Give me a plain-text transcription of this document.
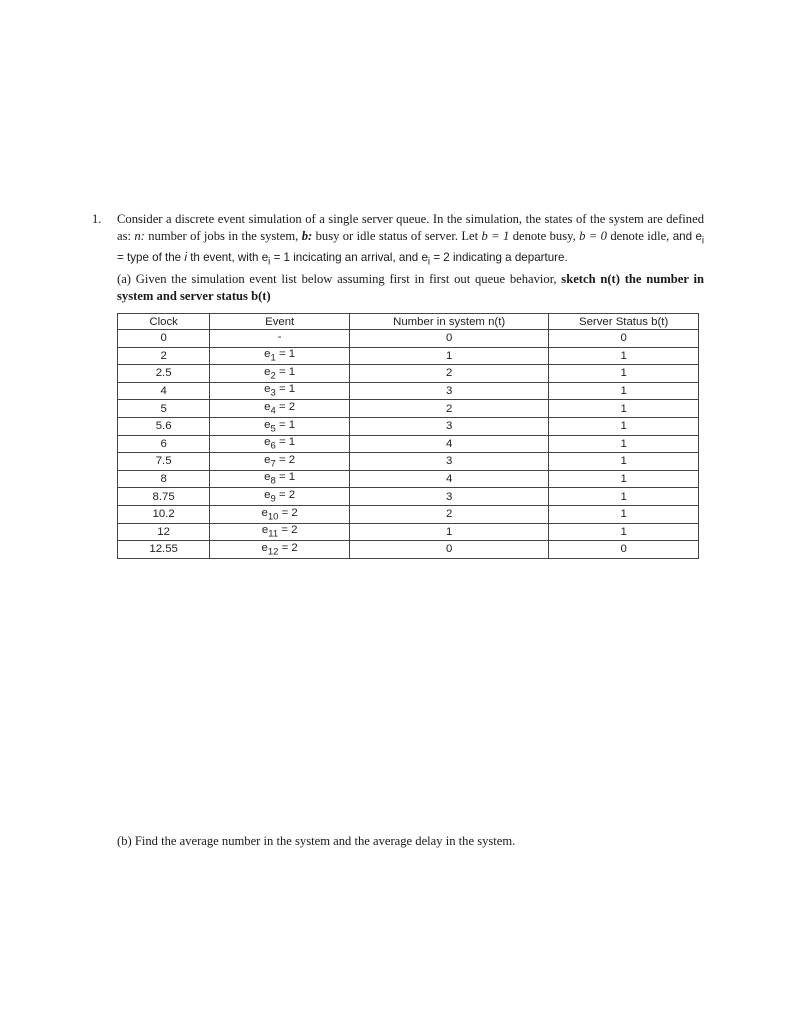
1. Consider a discrete event simulation of a single server queue. In the simulation, the states of the system are defined as: n: number of jobs in the system, b: busy or idle status of server. Let b = 1 denote busy, b = 0 denote idle, and $e_i$ = type of the i th event, with $e_i = 1$ incicating an arrival, and $e_i = 2$ indicating a departure.

(a) Given the simulation event list below assuming first in first out queue behavior, sketch n(t) the number in system and server status b(t)

Clock	Event	Number in system n(t)	Server Status b(t)
0	-	0	0
2	$e_1 = 1$	1	1
2.5	$e_2 = 1$	2	1
4	$e_3 = 1$	3	1
5	$e_4 = 2$	2	1
5.6	$e_5 = 1$	3	1
6	$e_6 = 1$	4	1
7.5	$e_7 = 2$	3	1
8	$e_8 = 1$	4	1
8.75	$e_9 = 2$	3	1
10.2	$e_{10} = 2$	2	1
12	$e_{11} = 2$	1	1
12.55	$e_{12} = 2$	0	0
(b) Find the average number in the system and the average delay in the system.
